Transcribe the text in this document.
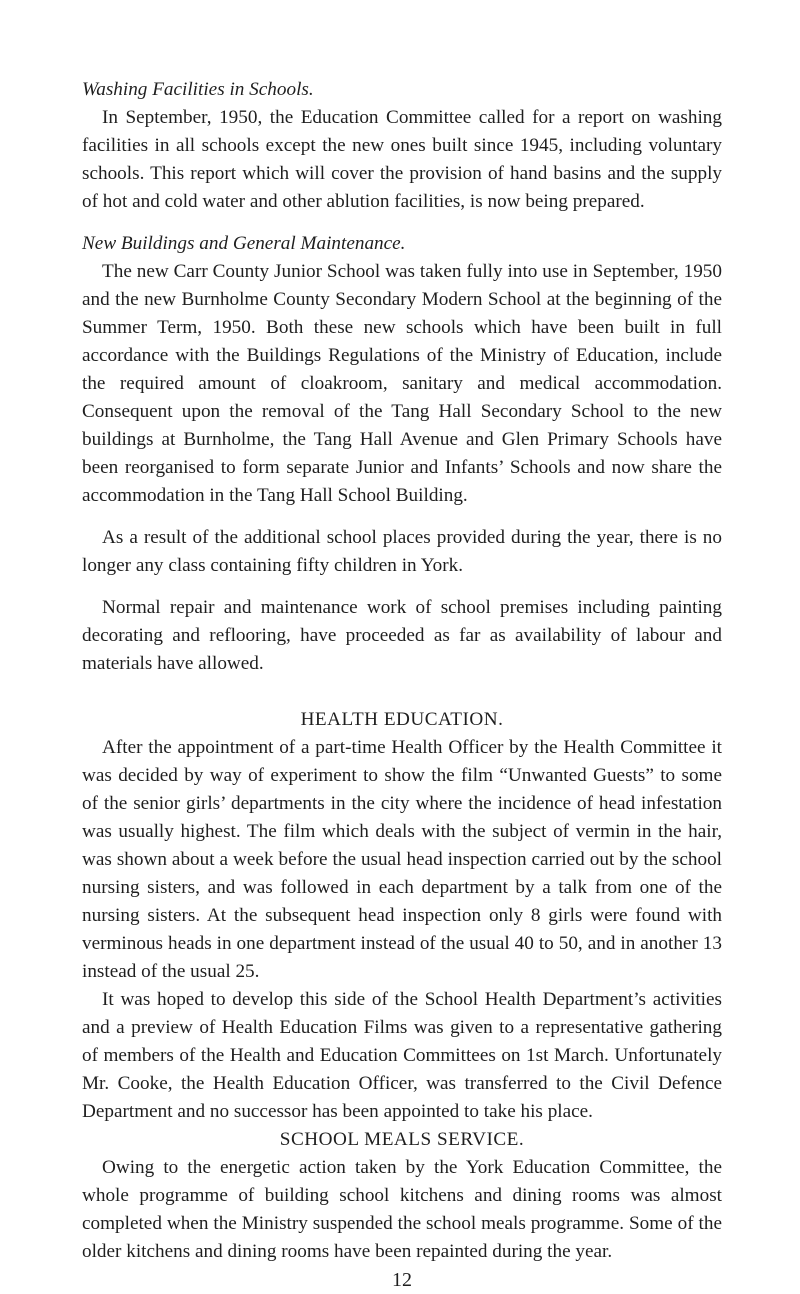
Washing Facilities in Schools.

In September, 1950, the Education Committee called for a report on washing facilities in all schools except the new ones built since 1945, including voluntary schools. This report which will cover the provision of hand basins and the supply of hot and cold water and other ablution facilities, is now being prepared.

New Buildings and General Maintenance.

The new Carr County Junior School was taken fully into use in September, 1950 and the new Burnholme County Secondary Modern School at the beginning of the Summer Term, 1950. Both these new schools which have been built in full accordance with the Buildings Regulations of the Ministry of Education, include the required amount of cloakroom, sanitary and medical accommodation. Consequent upon the removal of the Tang Hall Secondary School to the new buildings at Burnholme, the Tang Hall Avenue and Glen Primary Schools have been reorganised to form separate Junior and Infants’ Schools and now share the accommodation in the Tang Hall School Building.

As a result of the additional school places provided during the year, there is no longer any class containing fifty children in York.

Normal repair and maintenance work of school premises including painting decorating and reflooring, have proceeded as far as availability of labour and materials have allowed.

HEALTH EDUCATION.

After the appointment of a part-time Health Officer by the Health Committee it was decided by way of experiment to show the film “Unwanted Guests” to some of the senior girls’ departments in the city where the incidence of head infestation was usually highest. The film which deals with the subject of vermin in the hair, was shown about a week before the usual head inspection carried out by the school nursing sisters, and was followed in each department by a talk from one of the nursing sisters. At the subsequent head inspection only 8 girls were found with verminous heads in one department instead of the usual 40 to 50, and in another 13 instead of the usual 25.

It was hoped to develop this side of the School Health Department’s activities and a preview of Health Education Films was given to a representative gathering of members of the Health and Education Committees on 1st March. Unfortunately Mr. Cooke, the Health Education Officer, was transferred to the Civil Defence Department and no successor has been appointed to take his place.

SCHOOL MEALS SERVICE.

Owing to the energetic action taken by the York Education Committee, the whole programme of building school kitchens and dining rooms was almost completed when the Ministry suspended the school meals programme. Some of the older kitchens and dining rooms have been repainted during the year.

12
